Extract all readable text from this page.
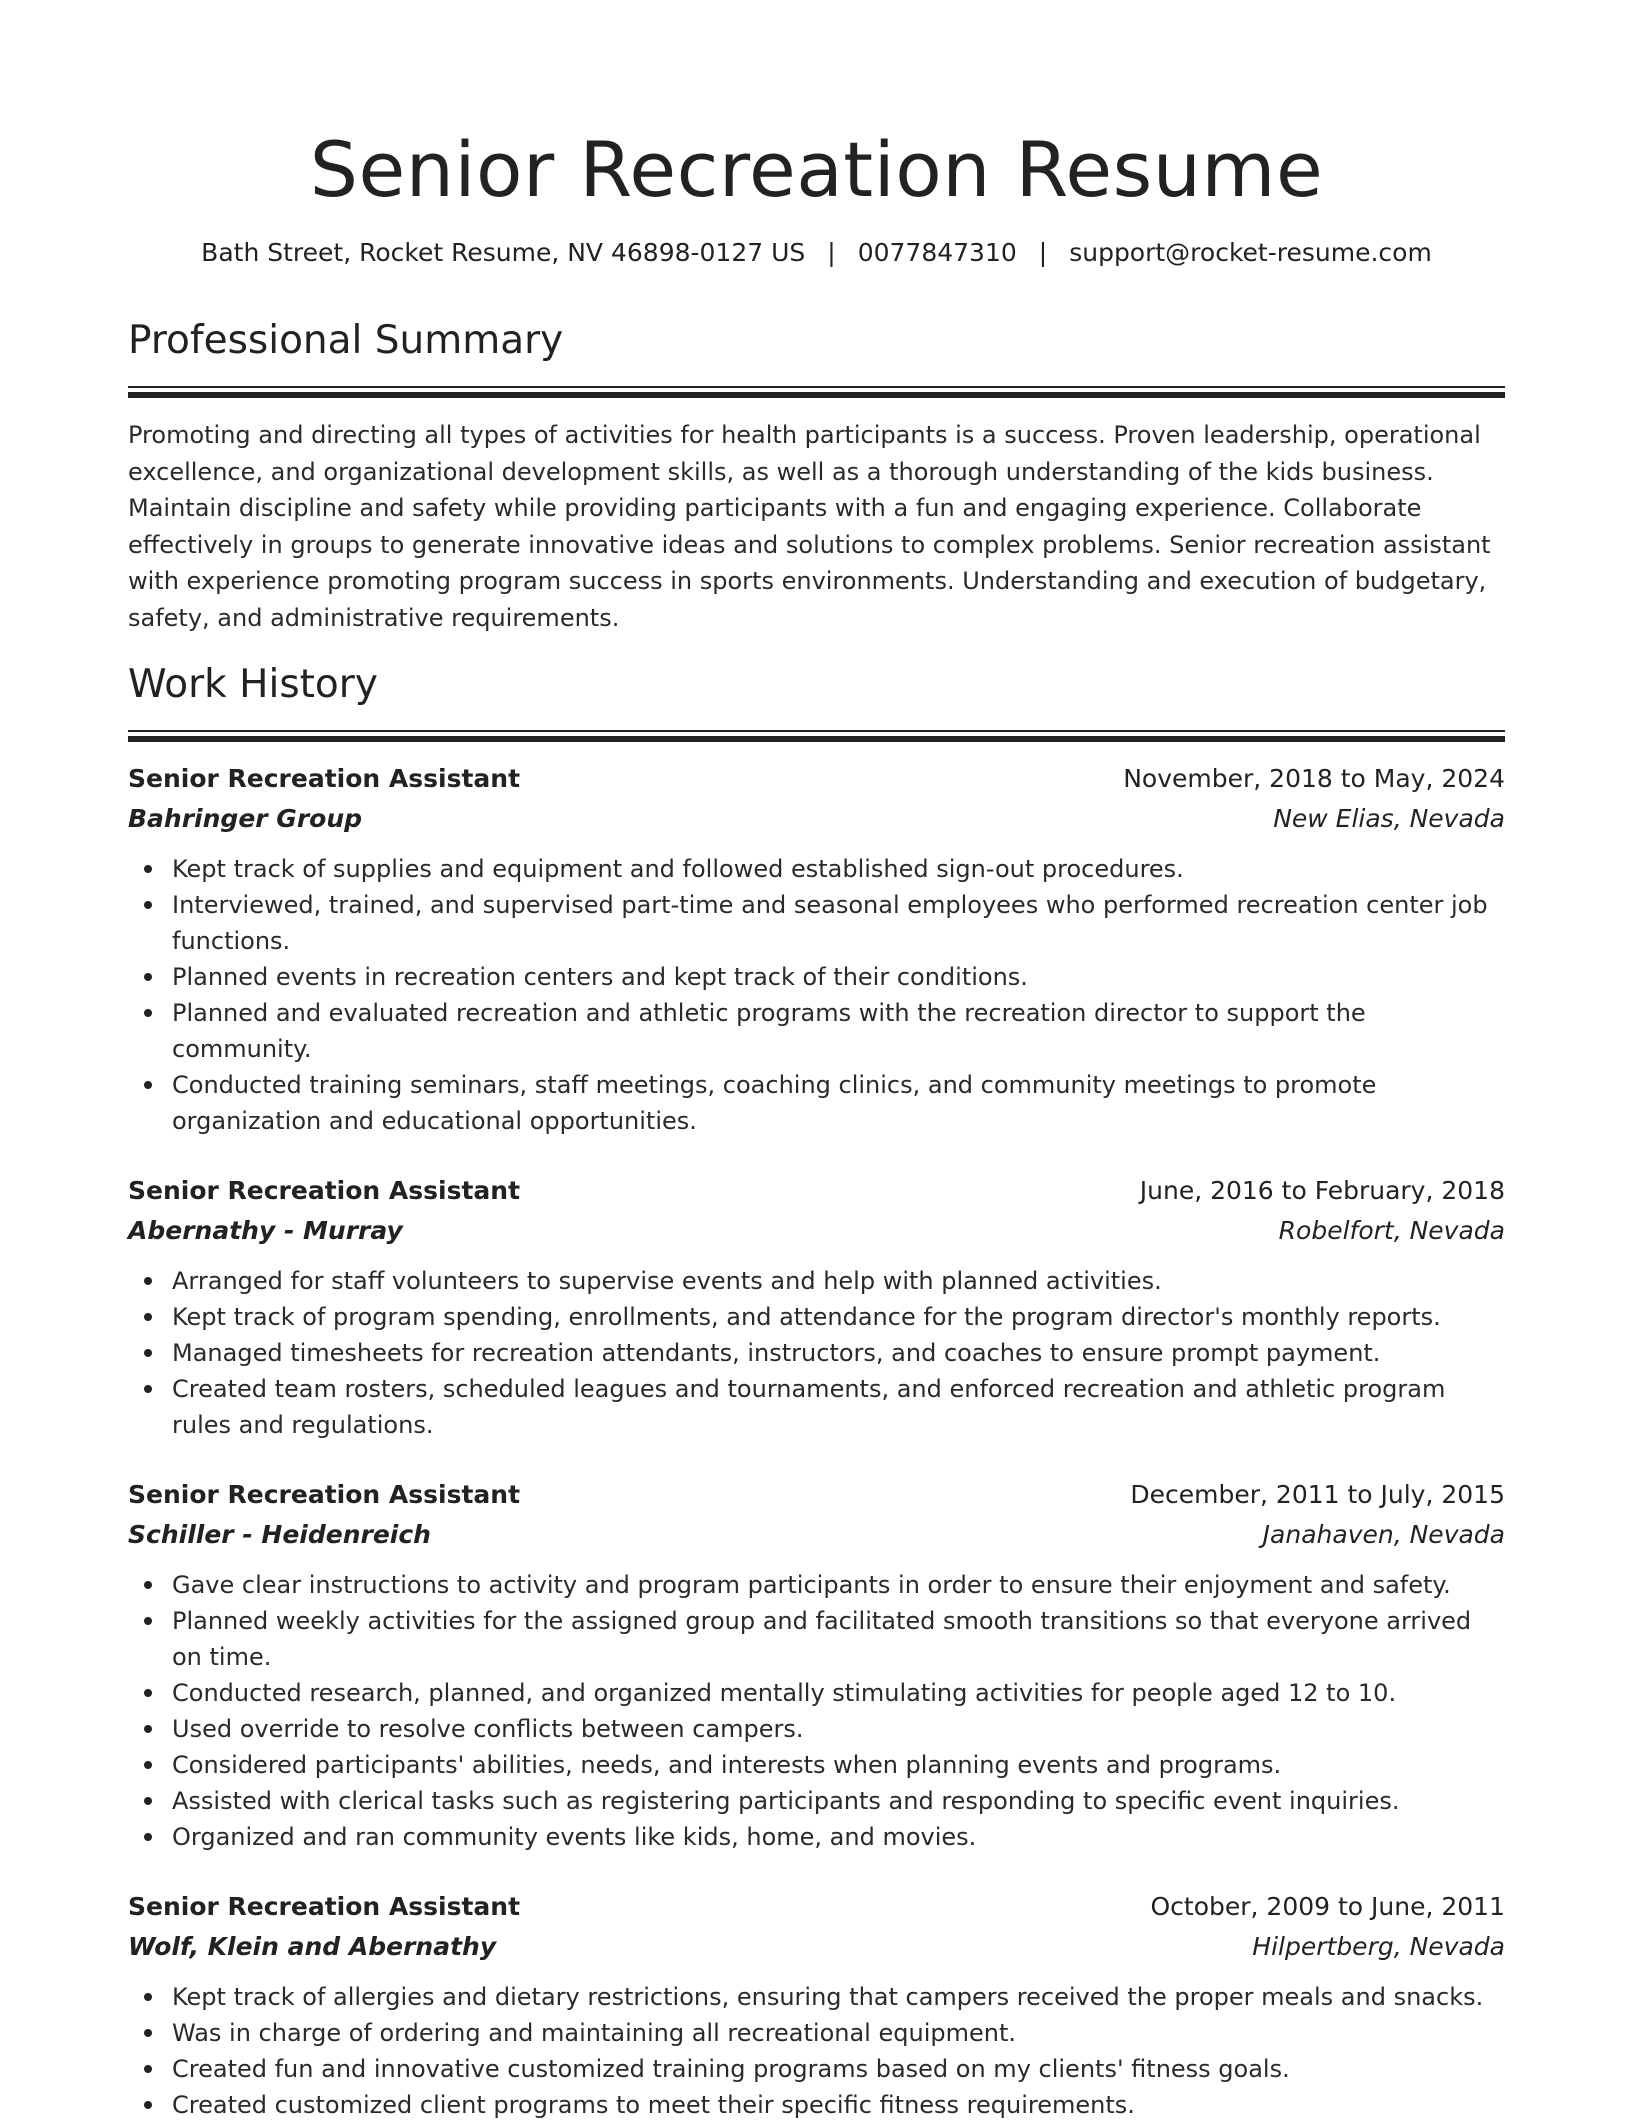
Senior Recreation Resume
Bath Street, Rocket Resume, NV 46898-0127 US | 0077847310 | support@rocket-resume.com
Professional Summary

Promoting and directing all types of activities for health participants is a success. Proven leadership, operational excellence, and organizational development skills, as well as a thorough understanding of the kids business. Maintain discipline and safety while providing participants with a fun and engaging experience. Collaborate effectively in groups to generate innovative ideas and solutions to complex problems. Senior recreation assistant with experience promoting program success in sports environments. Understanding and execution of budgetary, safety, and administrative requirements.

Work History
Senior Recreation Assistant	November, 2018 to May, 2024
Bahringer Group	New Elias, Nevada
Kept track of supplies and equipment and followed established sign-out procedures.
Interviewed, trained, and supervised part-time and seasonal employees who performed recreation center job functions.
Planned events in recreation centers and kept track of their conditions.
Planned and evaluated recreation and athletic programs with the recreation director to support the community.
Conducted training seminars, staff meetings, coaching clinics, and community meetings to promote organization and educational opportunities.
Senior Recreation Assistant	June, 2016 to February, 2018
Abernathy - Murray	Robelfort, Nevada
Arranged for staff volunteers to supervise events and help with planned activities.
Kept track of program spending, enrollments, and attendance for the program director's monthly reports.
Managed timesheets for recreation attendants, instructors, and coaches to ensure prompt payment.
Created team rosters, scheduled leagues and tournaments, and enforced recreation and athletic program rules and regulations.
Senior Recreation Assistant	December, 2011 to July, 2015
Schiller - Heidenreich	Janahaven, Nevada
Gave clear instructions to activity and program participants in order to ensure their enjoyment and safety.
Planned weekly activities for the assigned group and facilitated smooth transitions so that everyone arrived on time.
Conducted research, planned, and organized mentally stimulating activities for people aged 12 to 10.
Used override to resolve conflicts between campers.
Considered participants' abilities, needs, and interests when planning events and programs.
Assisted with clerical tasks such as registering participants and responding to specific event inquiries.
Organized and ran community events like kids, home, and movies.
Senior Recreation Assistant	October, 2009 to June, 2011
Wolf, Klein and Abernathy	Hilpertberg, Nevada
Kept track of allergies and dietary restrictions, ensuring that campers received the proper meals and snacks.
Was in charge of ordering and maintaining all recreational equipment.
Created fun and innovative customized training programs based on my clients' fitness goals.
Created customized client programs to meet their specific fitness requirements.
